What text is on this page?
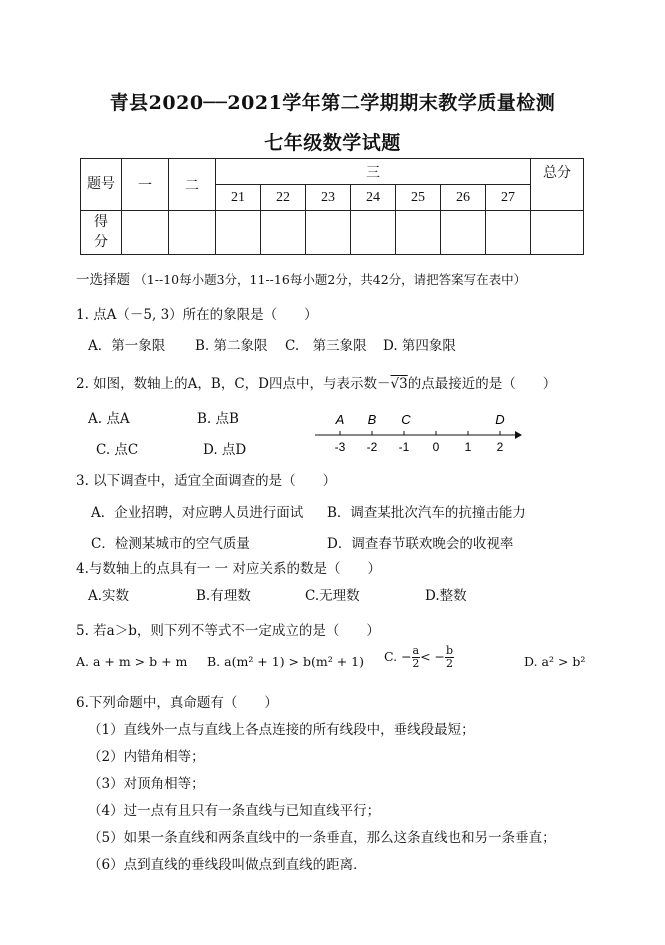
青县2020──2021学年第二学期期末教学质量检测
七年级数学试题
题号	一	二	三							总分
			21	22	23	24	25	26	27	

得分										

一选择题 （1--10每小题3分，11--16每小题2分，共42分，请把答案写在表中）
1. 点A（－5, 3）所在的象限是（　　）
A．第一象限 B. 第二象限 C.　第三象限 D. 第四象限
2. 如图，数轴上的A，B，C，D四点中，与表示数－√3的点最接近的是（　　）
A. 点A	B. 点B
C. 点C	D. 点D
A B C	D
-3 -2 -1 0 1 2
3. 以下调查中，适宜全面调查的是（　　）
A．企业招聘，对应聘人员进行面试 B．调查某批次汽车的抗撞击能力
C．检测某城市的空气质量	D．调查春节联欢晚会的收视率
4.与数轴上的点具有一 一 对应关系的数是（　　）
A.实数	B.有理数	C.无理数	D.整数
5. 若a＞b，则下列不等式不一定成立的是（　　）
A. a + m > b + m B. a(m² + 1) > b(m² + 1) C. − $\frac{a}{2}$ < − $\frac{b}{2}$	D. a² > b²
6.下列命题中，真命题有（　　）
（1）直线外一点与直线上各点连接的所有线段中，垂线段最短；
（2）内错角相等；
（3）对顶角相等；
（4）过一点有且只有一条直线与已知直线平行；
（5）如果一条直线和两条直线中的一条垂直，那么这条直线也和另一条垂直；
（6）点到直线的垂线段叫做点到直线的距离．
